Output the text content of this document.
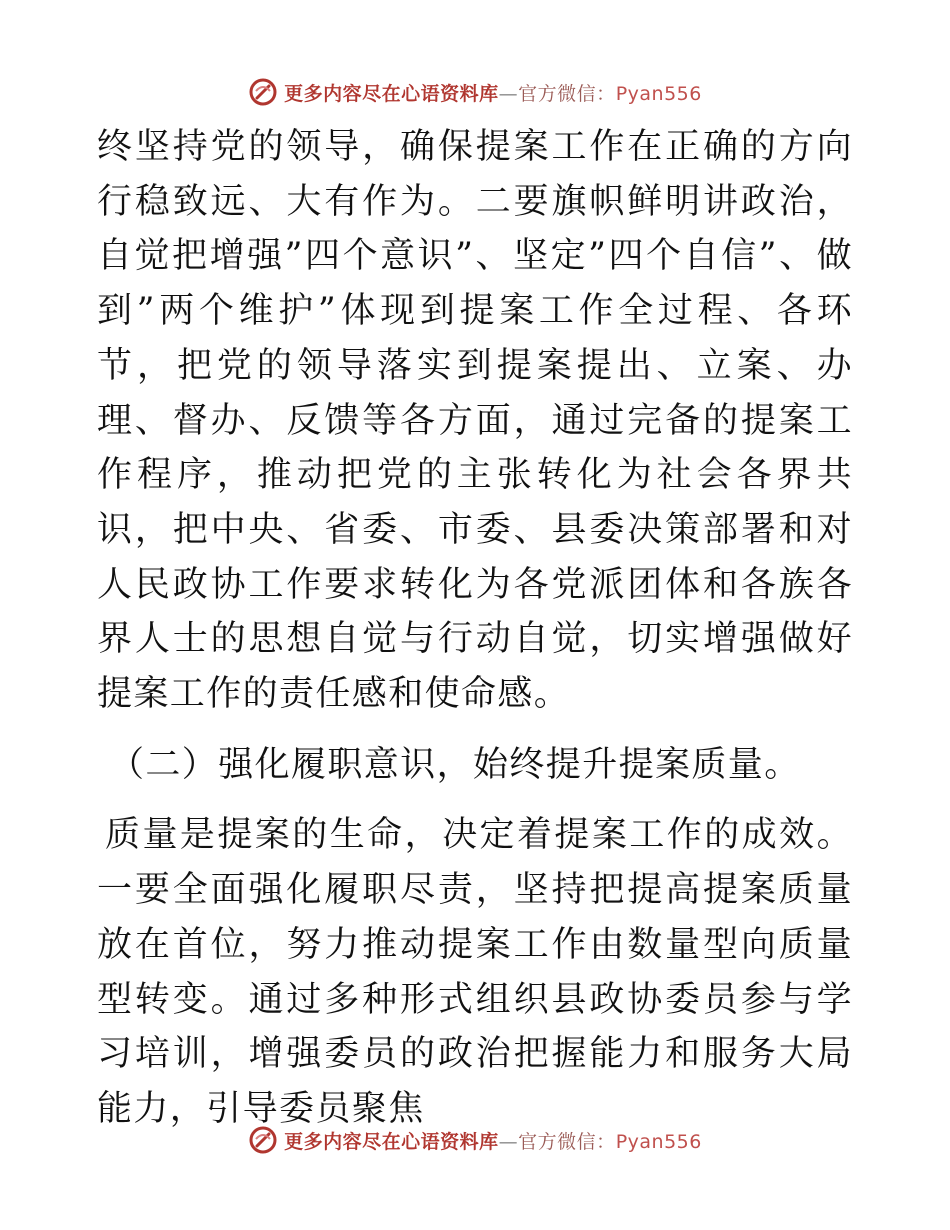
更多内容尽在心语资料库—官方微信：Pyan556

终坚持党的领导，确保提案工作在正确的方向行稳致远、大有作为。二要旗帜鲜明讲政治，自觉把增强”四个意识”、坚定”四个自信”、做到”两个维护”体现到提案工作全过程、各环节，把党的领导落实到提案提出、立案、办理、督办、反馈等各方面，通过完备的提案工作程序，推动把党的主张转化为社会各界共识，把中央、省委、市委、县委决策部署和对人民政协工作要求转化为各党派团体和各族各界人士的思想自觉与行动自觉，切实增强做好提案工作的责任感和使命感。

（二）强化履职意识，始终提升提案质量。

质量是提案的生命，决定着提案工作的成效。一要全面强化履职尽责，坚持把提高提案质量放在首位，努力推动提案工作由数量型向质量型转变。通过多种形式组织县政协委员参与学习培训，增强委员的政治把握能力和服务大局能力，引导委员聚焦

更多内容尽在心语资料库—官方微信：Pyan556
